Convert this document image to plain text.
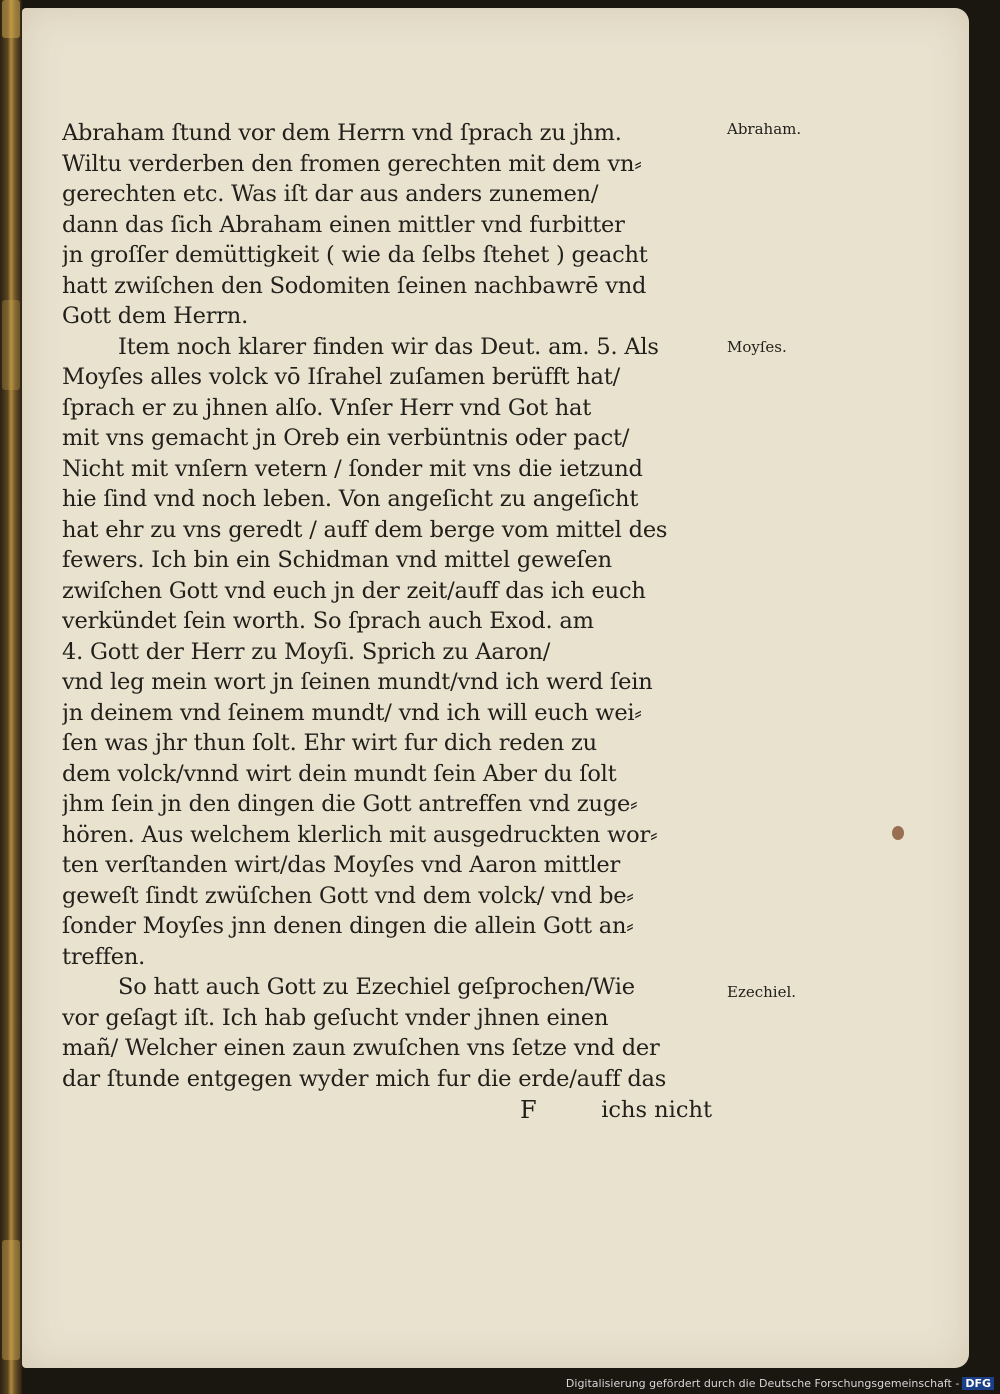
Abraham ſtund vor dem Herrn vnd ſprach zu jhm.
Wiltu verderben den fromen gerechten mit dem vn⸗
gerechten etc. Was iſt dar aus anders zunemen/
dann das ſich Abraham einen mittler vnd furbitter
jn groſſer demüttigkeit ( wie da ſelbs ſtehet ) geacht
hatt zwiſchen den Sodomiten ſeinen nachbawrē vnd
Gott dem Herrn.
Item noch klarer finden wir das Deut. am. 5. Als
Moyſes alles volck vō Iſrahel zuſamen berüfft hat/
ſprach er zu jhnen alſo. Vnſer Herr vnd Got hat
mit vns gemacht jn Oreb ein verbüntnis oder pact/
Nicht mit vnſern vetern / ſonder mit vns die ietzund
hie ſind vnd noch leben. Von angeſicht zu angeſicht
hat ehr zu vns geredt / auff dem berge vom mittel des
fewers. Ich bin ein Schidman vnd mittel geweſen
zwiſchen Gott vnd euch jn der zeit/auff das ich euch
verkündet ſein worth. So ſprach auch Exod. am
4. Gott der Herr zu Moyſi. Sprich zu Aaron/
vnd leg mein wort jn ſeinen mundt/vnd ich werd ſein
jn deinem vnd ſeinem mundt/ vnd ich will euch wei⸗
ſen was jhr thun ſolt. Ehr wirt fur dich reden zu
dem volck/vnnd wirt dein mundt ſein Aber du ſolt
jhm ſein jn den dingen die Gott antreffen vnd zuge⸗
hören. Aus welchem klerlich mit ausgedruckten wor⸗
ten verſtanden wirt/das Moyſes vnd Aaron mittler
geweſt ſindt zwüſchen Gott vnd dem volck/ vnd be⸗
ſonder Moyſes jnn denen dingen die allein Gott an⸗
treffen.
So hatt auch Gott zu Ezechiel geſprochen/Wie
vor geſagt iſt. Ich hab geſucht vnder jhnen einen
mañ/ Welcher einen zaun zwuſchen vns ſetze vnd der
dar ſtunde entgegen wyder mich fur die erde/auff das
F	ichs nicht
Abraham.
Moyſes.
Ezechiel.
Digitalisierung gefördert durch die Deutsche Forschungsgemeinschaft - DFG
